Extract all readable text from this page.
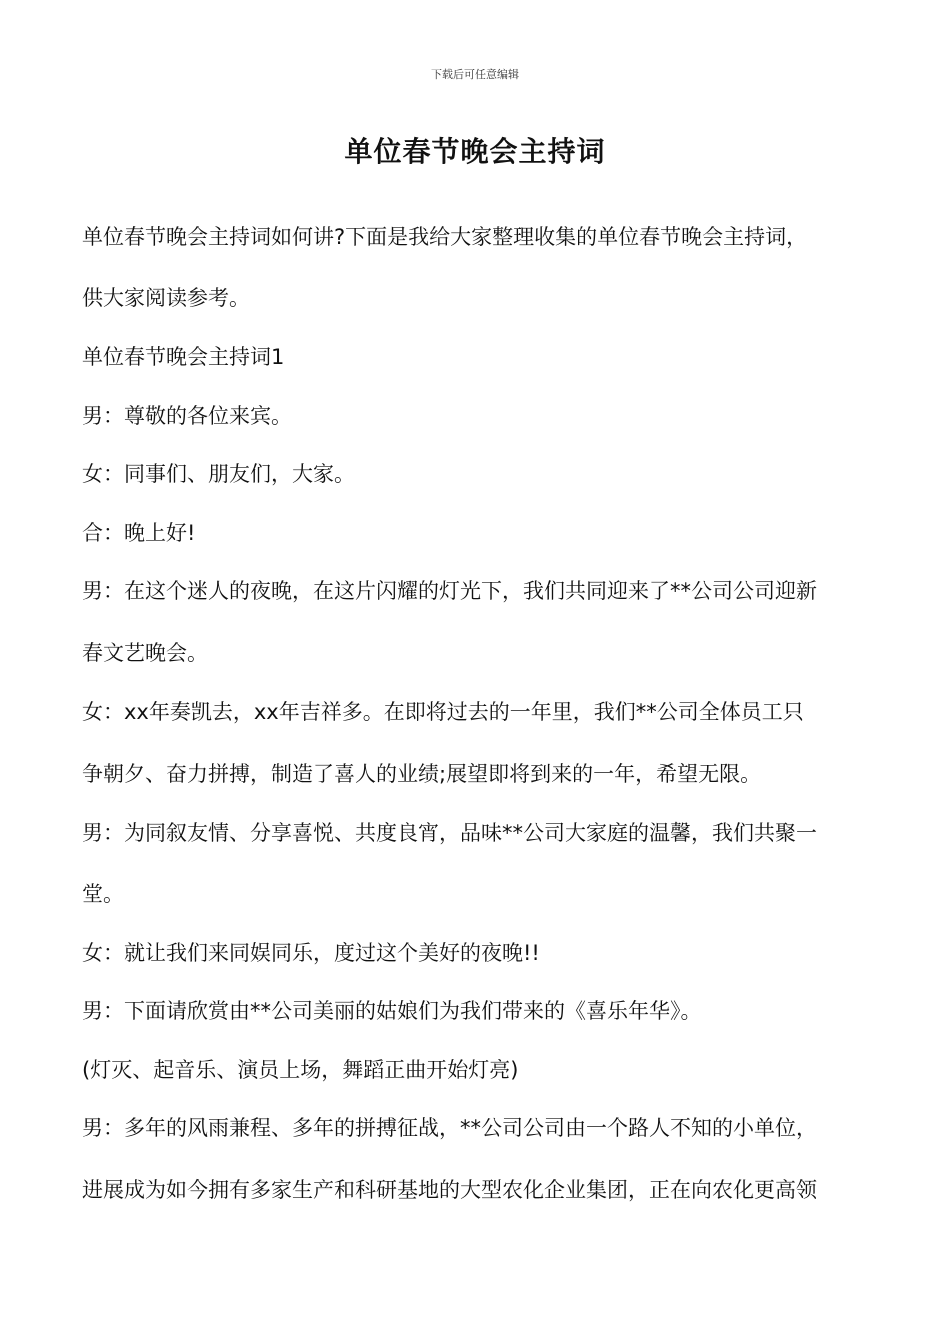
下载后可任意编辑
单位春节晚会主持词
单位春节晚会主持词如何讲?下面是我给大家整理收集的单位春节晚会主持词，
供大家阅读参考。
单位春节晚会主持词1
男：尊敬的各位来宾。
女：同事们、朋友们，大家。
合：晚上好!
男：在这个迷人的夜晚，在这片闪耀的灯光下，我们共同迎来了**公司公司迎新
春文艺晚会。
女：xx年奏凯去，xx年吉祥多。在即将过去的一年里，我们**公司全体员工只
争朝夕、奋力拼搏，制造了喜人的业绩;展望即将到来的一年，希望无限。
男：为同叙友情、分享喜悦、共度良宵，品味**公司大家庭的温馨，我们共聚一
堂。
女：就让我们来同娱同乐，度过这个美好的夜晚!!
男：下面请欣赏由**公司美丽的姑娘们为我们带来的《喜乐年华》。
(灯灭、起音乐、演员上场，舞蹈正曲开始灯亮)
男：多年的风雨兼程、多年的拼搏征战，**公司公司由一个路人不知的小单位，
进展成为如今拥有多家生产和科研基地的大型农化企业集团，正在向农化更高领
